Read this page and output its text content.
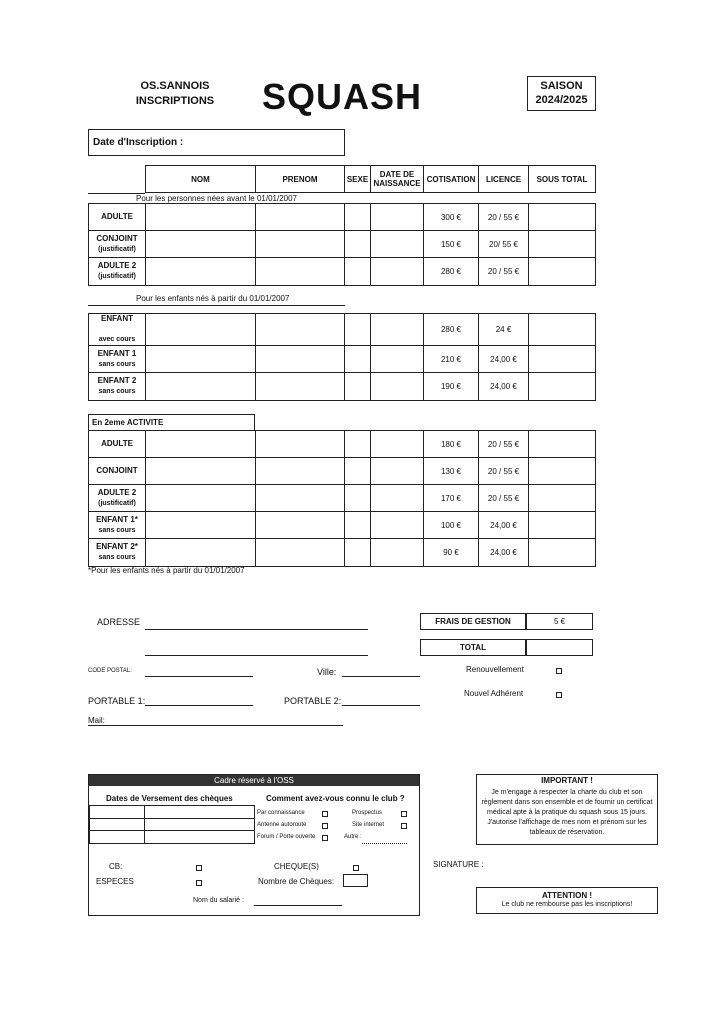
OS.SANNOIS
INSCRIPTIONS	SQUASH	SAISON
2024/2025
Date d'Inscription :
NOM	PRENOM	SEXE	DATE DE NAISSANCE	COTISATION	LICENCE	SOUS TOTAL
Pour les personnes nées avant le 01/01/2007
ADULTE					300 €	20 / 55 €	
CONJOINT
(justificatif)					150 €	20/ 55 €	
ADULTE 2
(justificatif)					280 €	20 / 55 €	
Pour les enfants nés à partir du 01/01/2007
ENFANT

avec cours					280 €	24 €	
ENFANT 1
sans cours					210 €	24,00 €	
ENFANT 2
sans cours					190 €	24,00 €	
En 2eme ACTIVITE
ADULTE					180 €	20 / 55 €	
CONJOINT					130 €	20 / 55 €	
ADULTE 2
(justificatif)					170 €	20 / 55 €	
ENFANT 1*
sans cours					100 €	24,00 €	
ENFANT 2*
sans cours					90 €	24,00 €	
*Pour les enfants nés à partir du 01/01/2007
ADRESSE
CODE POSTAL:	Ville:
PORTABLE 1:	PORTABLE 2:
Mail:
FRAIS DE GESTION	5 €
TOTAL
Renouvellement
Nouvel Adhérent
Cadre réservé à l'OSS
Dates de Versement des chèques	Comment avez-vous connu le club ?

Par connaissance	Prospectus
Antenne autoroute	Site internet
Forum / Porte ouverte	Autre :
CB:	CHEQUE(S)
ESPECES	Nombre de Chèques:
Nom du salarié :
IMPORTANT !
Je m'engage à respecter la charte du club et son règlement dans son ensemble et de fournir un certificat médical apte à la pratique du squash sous 15 jours. J'autorise l'affichage de mes nom et prénom sur les tableaux de réservation.
SIGNATURE :
ATTENTION !
Le club ne rembourse pas les inscriptions!
